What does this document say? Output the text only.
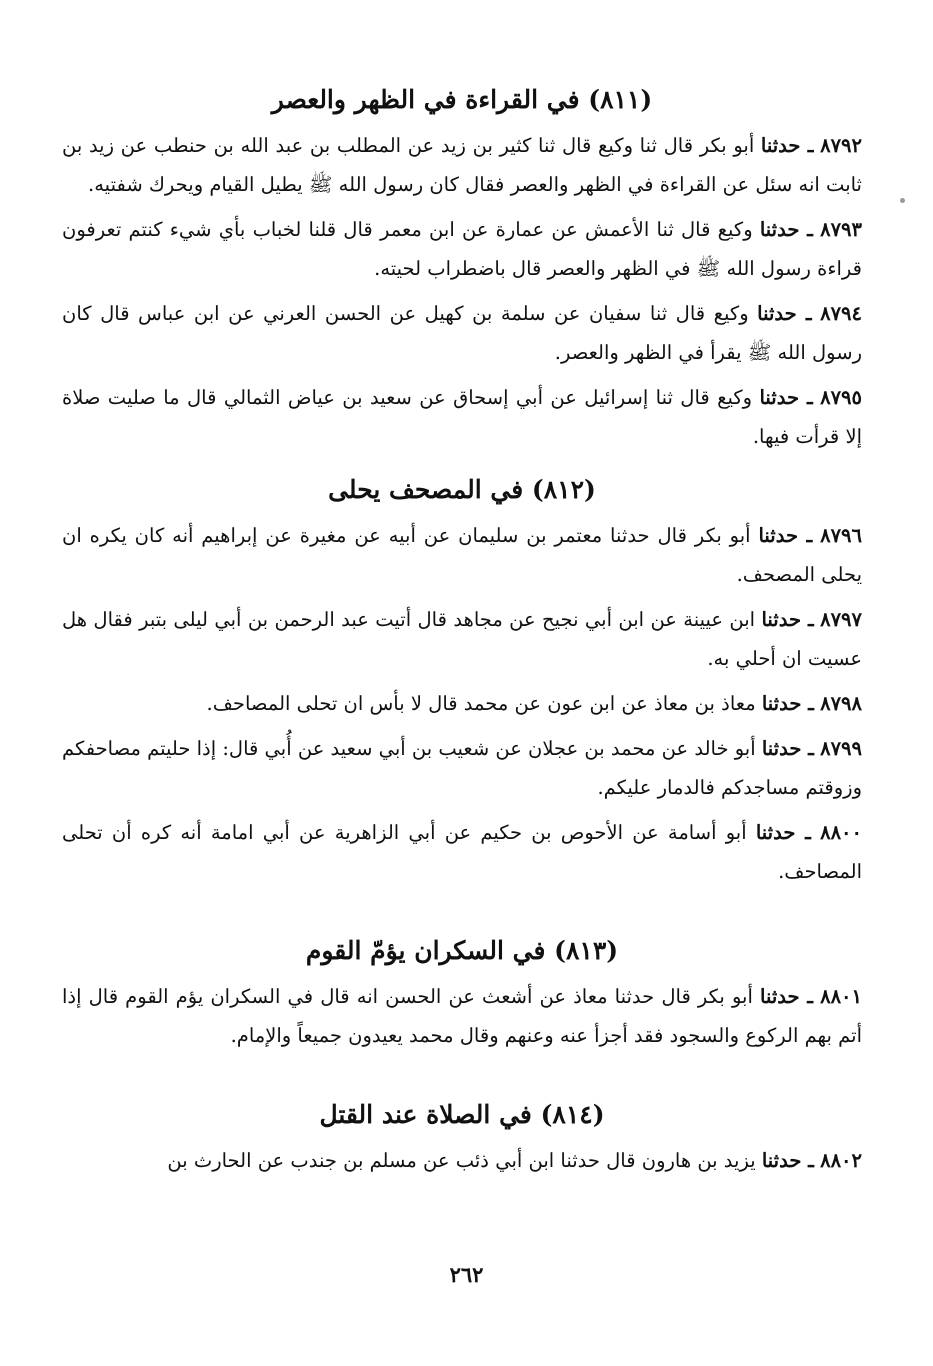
(٨١١) في القراءة في الظهر والعصر

٨٧٩٢ ـ حدثنا أبو بكر قال ثنا وكيع قال ثنا كثير بن زيد عن المطلب بن عبد الله بن حنطب عن زيد بن ثابت انه سئل عن القراءة في الظهر والعصر فقال كان رسول الله ﷺ يطيل القيام ويحرك شفتيه.

٨٧٩٣ ـ حدثنا وكيع قال ثنا الأعمش عن عمارة عن ابن معمر قال قلنا لخباب بأي شيء كنتم تعرفون قراءة رسول الله ﷺ في الظهر والعصر قال باضطراب لحيته.

٨٧٩٤ ـ حدثنا وكيع قال ثنا سفيان عن سلمة بن كهيل عن الحسن العرني عن ابن عباس قال كان رسول الله ﷺ يقرأ في الظهر والعصر.

٨٧٩٥ ـ حدثنا وكيع قال ثنا إسرائيل عن أبي إسحاق عن سعيد بن عياض الثمالي قال ما صليت صلاة إلا قرأت فيها.

(٨١٢) في المصحف يحلى

٨٧٩٦ ـ حدثنا أبو بكر قال حدثنا معتمر بن سليمان عن أبيه عن مغيرة عن إبراهيم أنه كان يكره ان يحلى المصحف.

٨٧٩٧ ـ حدثنا ابن عيينة عن ابن أبي نجيح عن مجاهد قال أتيت عبد الرحمن بن أبي ليلى بتبر فقال هل عسيت ان أحلي به.

٨٧٩٨ ـ حدثنا معاذ بن معاذ عن ابن عون عن محمد قال لا بأس ان تحلى المصاحف.

٨٧٩٩ ـ حدثنا أبو خالد عن محمد بن عجلان عن شعيب بن أبي سعيد عن أُبي قال: إذا حليتم مصاحفكم وزوقتم مساجدكم فالدمار عليكم.

٨٨٠٠ ـ حدثنا أبو أسامة عن الأحوص بن حكيم عن أبي الزاهرية عن أبي امامة أنه كره أن تحلى المصاحف.

(٨١٣) في السكران يؤمّ القوم

٨٨٠١ ـ حدثنا أبو بكر قال حدثنا معاذ عن أشعث عن الحسن انه قال في السكران يؤم القوم قال إذا أتم بهم الركوع والسجود فقد أجزأ عنه وعنهم وقال محمد يعيدون جميعاً والإمام.

(٨١٤) في الصلاة عند القتل

٨٨٠٢ ـ حدثنا يزيد بن هارون قال حدثنا ابن أبي ذئب عن مسلم بن جندب عن الحارث بن

٢٦٢
